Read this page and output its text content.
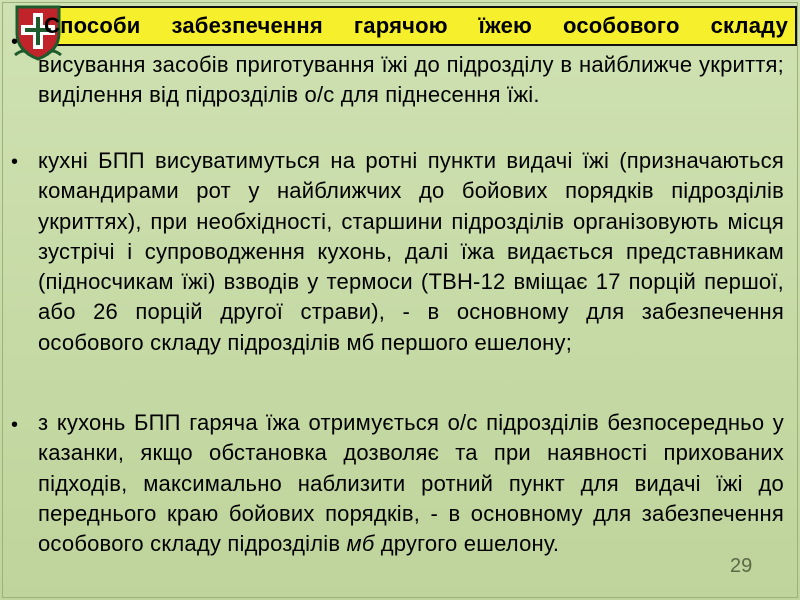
•
Способи забезпечення гарячою їжею особового складу
висування засобів приготування їжі до підрозділу в найближче укриття; виділення від підрозділів о/с для піднесення їжі.
• кухні БПП висуватимуться на ротні пункти видачі їжі (призначаються командирами рот у найближчих до бойових порядків підрозділів укриттях), при необхідності, старшини підрозділів організовують місця зустрічі і супроводження кухонь, далі їжа видається представникам (підносчикам їжі) взводів у термоси (ТВН-12 вміщає 17 порцій першої, або 26 порцій другої страви), - в основному для забезпечення особового складу підрозділів мб першого ешелону;
• з кухонь БПП гаряча їжа отримується о/с підрозділів безпосередньо у казанки, якщо обстановка дозволяє та при наявності прихованих підходів, максимально наблизити ротний пункт для видачі їжі до переднього краю бойових порядків, - в основному для забезпечення особового складу підрозділів мб другого ешелону.
29
